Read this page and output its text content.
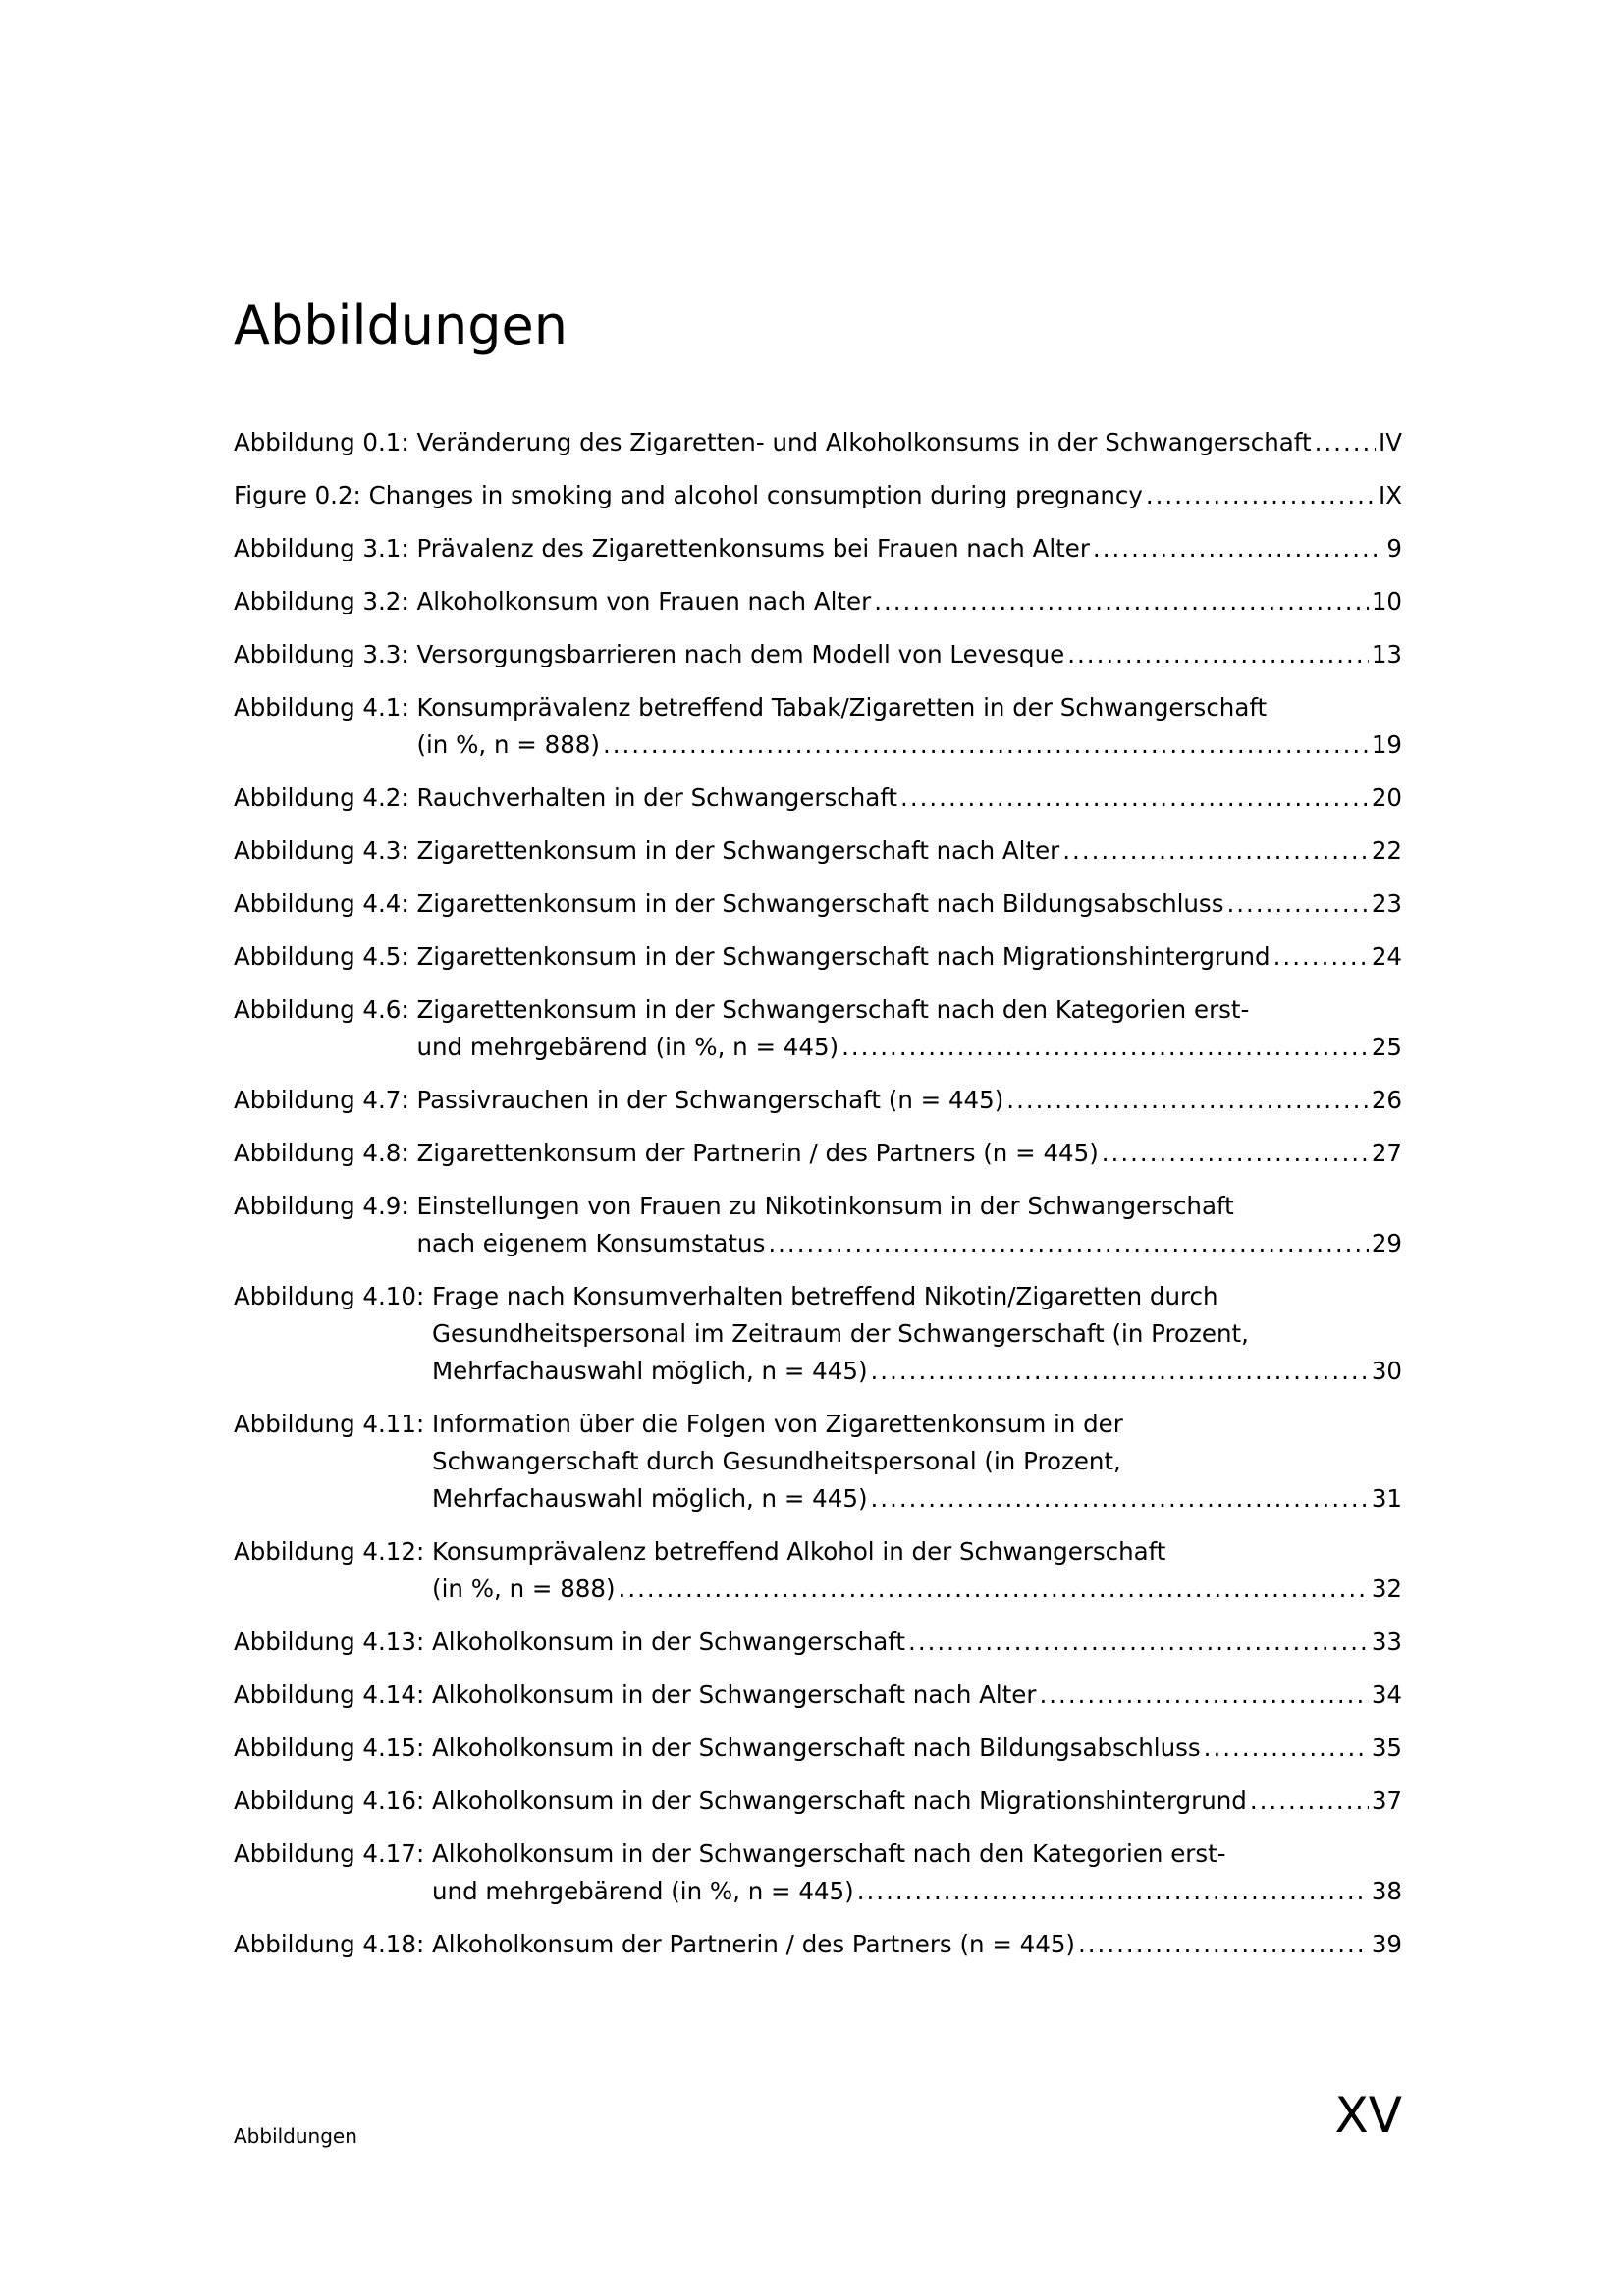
Abbildungen
Abbildung 0.1: Veränderung des Zigaretten- und Alkoholkonsums in der Schwangerschaft .....	IV
Figure 0.2: Changes in smoking and alcohol consumption during pregnancy .....	IX
Abbildung 3.1: Prävalenz des Zigarettenkonsums bei Frauen nach Alter .....	9
Abbildung 3.2: Alkoholkonsum von Frauen nach Alter .....	10
Abbildung 3.3: Versorgungsbarrieren nach dem Modell von Levesque .....	13
Abbildung 4.1: Konsumprävalenz betreffend Tabak/Zigaretten in der Schwangerschaft
(in %, n = 888) .....	19
Abbildung 4.2: Rauchverhalten in der Schwangerschaft .....	20
Abbildung 4.3: Zigarettenkonsum in der Schwangerschaft nach Alter .....	22
Abbildung 4.4: Zigarettenkonsum in der Schwangerschaft nach Bildungsabschluss .....	23
Abbildung 4.5: Zigarettenkonsum in der Schwangerschaft nach Migrationshintergrund .....	24
Abbildung 4.6: Zigarettenkonsum in der Schwangerschaft nach den Kategorien erst-
und mehrgebärend (in %, n = 445) .....	25
Abbildung 4.7: Passivrauchen in der Schwangerschaft (n = 445) .....	26
Abbildung 4.8: Zigarettenkonsum der Partnerin / des Partners (n = 445) .....	27
Abbildung 4.9: Einstellungen von Frauen zu Nikotinkonsum in der Schwangerschaft
nach eigenem Konsumstatus .....	29
Abbildung 4.10: Frage nach Konsumverhalten betreffend Nikotin/Zigaretten durch
Gesundheitspersonal im Zeitraum der Schwangerschaft (in Prozent,
Mehrfachauswahl möglich, n = 445) .....	30
Abbildung 4.11: Information über die Folgen von Zigarettenkonsum in der
Schwangerschaft durch Gesundheitspersonal (in Prozent,
Mehrfachauswahl möglich, n = 445) .....	31
Abbildung 4.12: Konsumprävalenz betreffend Alkohol in der Schwangerschaft
(in %, n = 888) .....	32
Abbildung 4.13: Alkoholkonsum in der Schwangerschaft .....	33
Abbildung 4.14: Alkoholkonsum in der Schwangerschaft nach Alter .....	34
Abbildung 4.15: Alkoholkonsum in der Schwangerschaft nach Bildungsabschluss .....	35
Abbildung 4.16: Alkoholkonsum in der Schwangerschaft nach Migrationshintergrund .....	37
Abbildung 4.17: Alkoholkonsum in der Schwangerschaft nach den Kategorien erst-
und mehrgebärend (in %, n = 445) .....	38
Abbildung 4.18: Alkoholkonsum der Partnerin / des Partners (n = 445) .....	39
Abbildungen	XV
